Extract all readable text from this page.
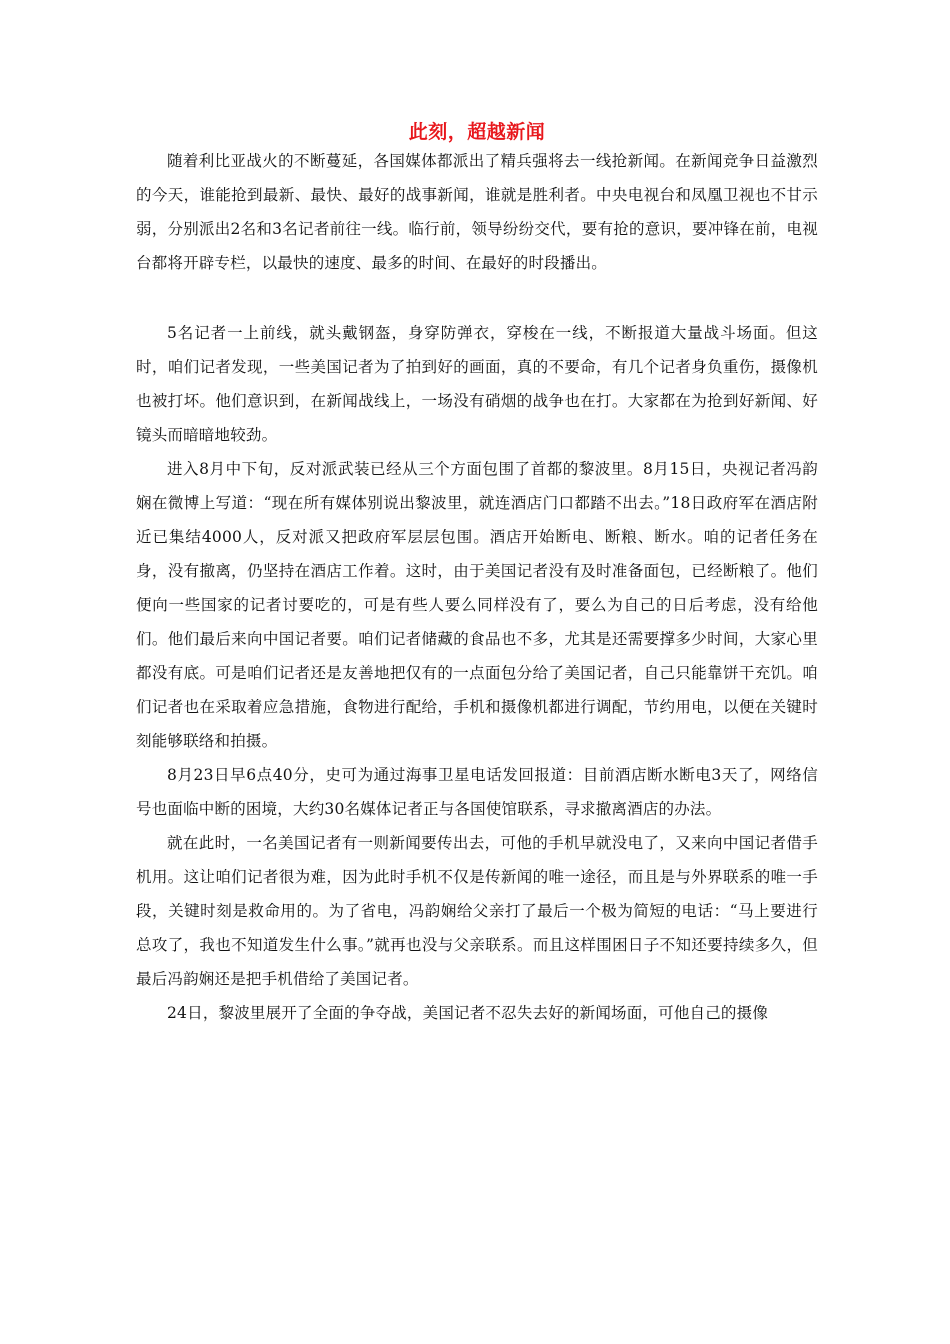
此刻，超越新闻

随着利比亚战火的不断蔓延，各国媒体都派出了精兵强将去一线抢新闻。在新闻竞争日益激烈的今天，谁能抢到最新、最快、最好的战事新闻，谁就是胜利者。中央电视台和凤凰卫视也不甘示弱，分别派出2名和3名记者前往一线。临行前，领导纷纷交代，要有抢的意识，要冲锋在前，电视台都将开辟专栏，以最快的速度、最多的时间、在最好的时段播出。

5名记者一上前线，就头戴钢盔，身穿防弹衣，穿梭在一线，不断报道大量战斗场面。但这时，咱们记者发现，一些美国记者为了拍到好的画面，真的不要命，有几个记者身负重伤，摄像机也被打坏。他们意识到，在新闻战线上，一场没有硝烟的战争也在打。大家都在为抢到好新闻、好镜头而暗暗地较劲。

进入8月中下旬，反对派武装已经从三个方面包围了首都的黎波里。8月15日，央视记者冯韵娴在微博上写道：“现在所有媒体别说出黎波里，就连酒店门口都踏不出去。”18日政府军在酒店附近已集结4000人，反对派又把政府军层层包围。酒店开始断电、断粮、断水。咱的记者任务在身，没有撤离，仍坚持在酒店工作着。这时，由于美国记者没有及时准备面包，已经断粮了。他们便向一些国家的记者讨要吃的，可是有些人要么同样没有了，要么为自己的日后考虑，没有给他们。他们最后来向中国记者要。咱们记者储藏的食品也不多，尤其是还需要撑多少时间，大家心里都没有底。可是咱们记者还是友善地把仅有的一点面包分给了美国记者，自己只能靠饼干充饥。咱们记者也在采取着应急措施，食物进行配给，手机和摄像机都进行调配，节约用电，以便在关键时刻能够联络和拍摄。

8月23日早6点40分，史可为通过海事卫星电话发回报道：目前酒店断水断电3天了，网络信号也面临中断的困境，大约30名媒体记者正与各国使馆联系，寻求撤离酒店的办法。

就在此时，一名美国记者有一则新闻要传出去，可他的手机早就没电了，又来向中国记者借手机用。这让咱们记者很为难，因为此时手机不仅是传新闻的唯一途径，而且是与外界联系的唯一手段，关键时刻是救命用的。为了省电，冯韵娴给父亲打了最后一个极为简短的电话：“马上要进行总攻了，我也不知道发生什么事。”就再也没与父亲联系。而且这样围困日子不知还要持续多久，但最后冯韵娴还是把手机借给了美国记者。

24日，黎波里展开了全面的争夺战，美国记者不忍失去好的新闻场面，可他自己的摄像
